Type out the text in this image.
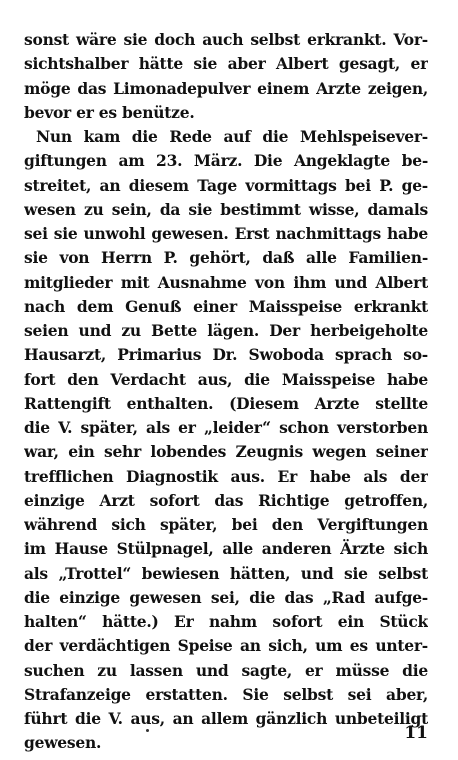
sonst wäre sie doch auch selbst erkrankt. Vor-
sichtshalber hätte sie aber Albert gesagt, er
möge das Limonadepulver einem Arzte zeigen,
bevor er es benütze.
Nun kam die Rede auf die Mehlspeisever-
giftungen am 23. März. Die Angeklagte be-
streitet, an diesem Tage vormittags bei P. ge-
wesen zu sein, da sie bestimmt wisse, damals
sei sie unwohl gewesen. Erst nachmittags habe
sie von Herrn P. gehört, daß alle Familien-
mitglieder mit Ausnahme von ihm und Albert
nach dem Genuß einer Maisspeise erkrankt
seien und zu Bette lägen. Der herbeigeholte
Hausarzt, Primarius Dr. Swoboda sprach so-
fort den Verdacht aus, die Maisspeise habe
Rattengift enthalten. (Diesem Arzte stellte
die V. später, als er „leider“ schon verstorben
war, ein sehr lobendes Zeugnis wegen seiner
trefflichen Diagnostik aus. Er habe als der
einzige Arzt sofort das Richtige getroffen,
während sich später, bei den Vergiftungen
im Hause Stülpnagel, alle anderen Ärzte sich
als „Trottel“ bewiesen hätten, und sie selbst
die einzige gewesen sei, die das „Rad aufge-
halten“ hätte.) Er nahm sofort ein Stück
der verdächtigen Speise an sich, um es unter-
suchen zu lassen und sagte, er müsse die
Strafanzeige erstatten. Sie selbst sei aber,
führt die V. aus, an allem gänzlich unbeteiligt
gewesen.	11
